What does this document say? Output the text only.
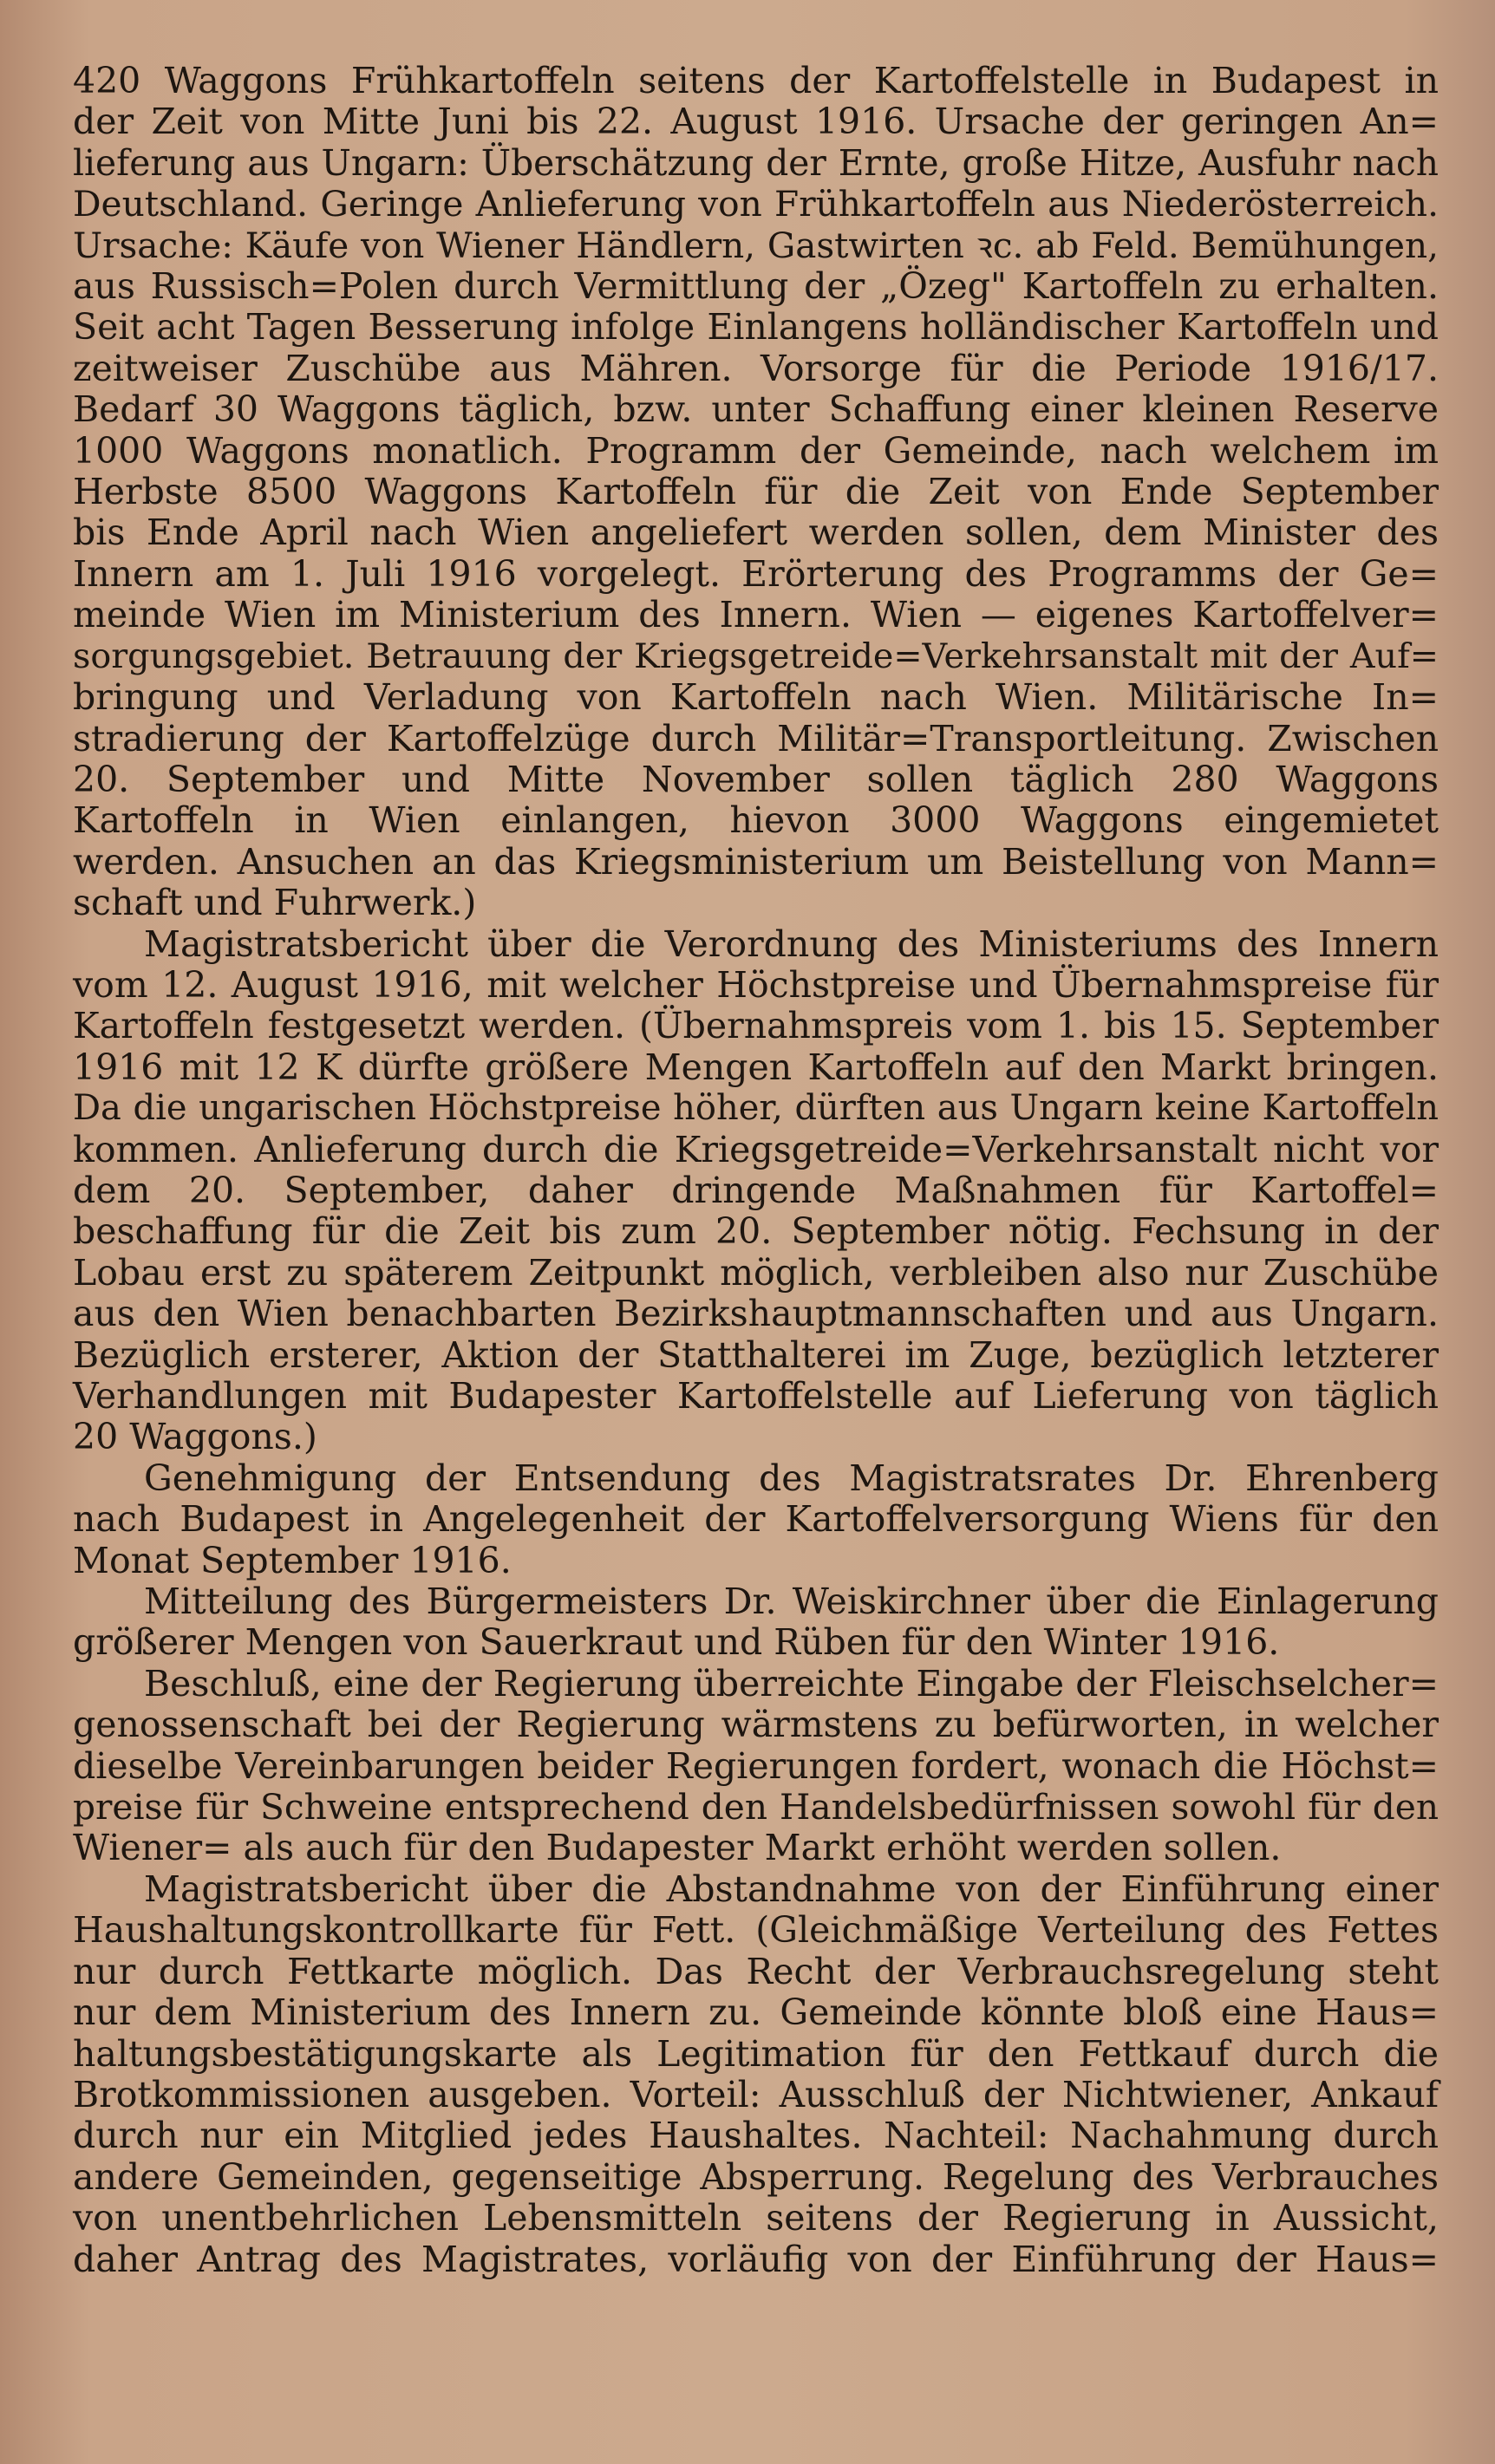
420 Waggons Frühkartoffeln seitens der Kartoffelstelle in Budapest in
der Zeit von Mitte Juni bis 22. August 1916. Ursache der geringen An=
lieferung aus Ungarn: Überschätzung der Ernte, große Hitze, Ausfuhr nach
Deutschland. Geringe Anlieferung von Frühkartoffeln aus Niederösterreich.
Ursache: Käufe von Wiener Händlern, Gastwirten ꝛc. ab Feld. Bemühungen,
aus Russisch=Polen durch Vermittlung der „Özeg" Kartoffeln zu erhalten.
Seit acht Tagen Besserung infolge Einlangens holländischer Kartoffeln und
zeitweiser Zuschübe aus Mähren. Vorsorge für die Periode 1916/17.
Bedarf 30 Waggons täglich, bzw. unter Schaffung einer kleinen Reserve
1000 Waggons monatlich. Programm der Gemeinde, nach welchem im
Herbste 8500 Waggons Kartoffeln für die Zeit von Ende September
bis Ende April nach Wien angeliefert werden sollen, dem Minister des
Innern am 1. Juli 1916 vorgelegt. Erörterung des Programms der Ge=
meinde Wien im Ministerium des Innern. Wien — eigenes Kartoffelver=
sorgungsgebiet. Betrauung der Kriegsgetreide=Verkehrsanstalt mit der Auf=
bringung und Verladung von Kartoffeln nach Wien. Militärische In=
stradierung der Kartoffelzüge durch Militär=Transportleitung. Zwischen
20. September und Mitte November sollen täglich 280 Waggons
Kartoffeln in Wien einlangen, hievon 3000 Waggons eingemietet
werden. Ansuchen an das Kriegsministerium um Beistellung von Mann=
schaft und Fuhrwerk.)
Magistratsbericht über die Verordnung des Ministeriums des Innern
vom 12. August 1916, mit welcher Höchstpreise und Übernahmspreise für
Kartoffeln festgesetzt werden. (Übernahmspreis vom 1. bis 15. September
1916 mit 12 K dürfte größere Mengen Kartoffeln auf den Markt bringen.
Da die ungarischen Höchstpreise höher, dürften aus Ungarn keine Kartoffeln
kommen. Anlieferung durch die Kriegsgetreide=Verkehrsanstalt nicht vor
dem 20. September, daher dringende Maßnahmen für Kartoffel=
beschaffung für die Zeit bis zum 20. September nötig. Fechsung in der
Lobau erst zu späterem Zeitpunkt möglich, verbleiben also nur Zuschübe
aus den Wien benachbarten Bezirkshauptmannschaften und aus Ungarn.
Bezüglich ersterer, Aktion der Statthalterei im Zuge, bezüglich letzterer
Verhandlungen mit Budapester Kartoffelstelle auf Lieferung von täglich
20 Waggons.)
Genehmigung der Entsendung des Magistratsrates Dr. Ehrenberg
nach Budapest in Angelegenheit der Kartoffelversorgung Wiens für den
Monat September 1916.
Mitteilung des Bürgermeisters Dr. Weiskirchner über die Einlagerung
größerer Mengen von Sauerkraut und Rüben für den Winter 1916.
Beschluß, eine der Regierung überreichte Eingabe der Fleischselcher=
genossenschaft bei der Regierung wärmstens zu befürworten, in welcher
dieselbe Vereinbarungen beider Regierungen fordert, wonach die Höchst=
preise für Schweine entsprechend den Handelsbedürfnissen sowohl für den
Wiener= als auch für den Budapester Markt erhöht werden sollen.
Magistratsbericht über die Abstandnahme von der Einführung einer
Haushaltungskontrollkarte für Fett. (Gleichmäßige Verteilung des Fettes
nur durch Fettkarte möglich. Das Recht der Verbrauchsregelung steht
nur dem Ministerium des Innern zu. Gemeinde könnte bloß eine Haus=
haltungsbestätigungskarte als Legitimation für den Fettkauf durch die
Brotkommissionen ausgeben. Vorteil: Ausschluß der Nichtwiener, Ankauf
durch nur ein Mitglied jedes Haushaltes. Nachteil: Nachahmung durch
andere Gemeinden, gegenseitige Absperrung. Regelung des Verbrauches
von unentbehrlichen Lebensmitteln seitens der Regierung in Aussicht,
daher Antrag des Magistrates, vorläufig von der Einführung der Haus=
